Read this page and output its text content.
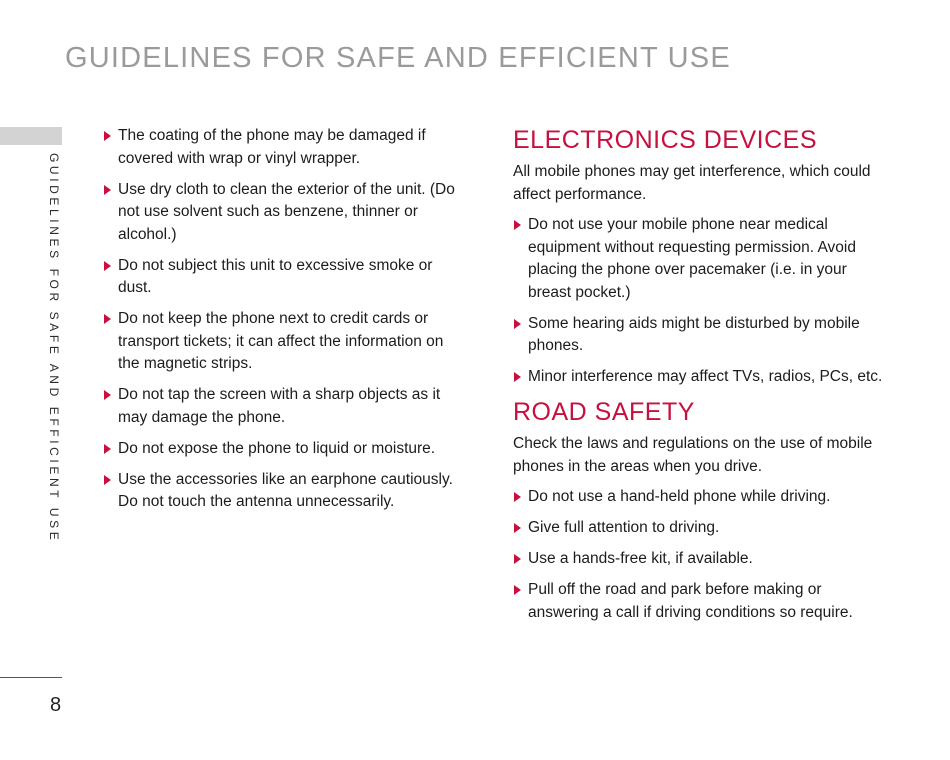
GUIDELINES FOR SAFE AND EFFICIENT USE
GUIDELINES FOR SAFE AND EFFICIENT USE
8
The coating of the phone may be damaged if covered with wrap or vinyl wrapper.
Use dry cloth to clean the exterior of the unit. (Do not use solvent such as benzene, thinner or alcohol.)
Do not subject this unit to excessive smoke or dust.
Do not keep the phone next to credit cards or transport tickets; it can affect the information on the magnetic strips.
Do not tap the screen with a sharp objects as it may damage the phone.
Do not expose the phone to liquid or moisture.
Use the accessories like an earphone cautiously. Do not touch the antenna unnecessarily.
ELECTRONICS DEVICES

All mobile phones may get interference, which could affect performance.

Do not use your mobile phone near medical equipment without requesting permission. Avoid placing the phone over pacemaker (i.e. in your breast pocket.)
Some hearing aids might be disturbed by mobile phones.
Minor interference may affect TVs, radios, PCs, etc.
ROAD SAFETY

Check the laws and regulations on the use of mobile phones in the areas when you drive.

Do not use a hand-held phone while driving.
Give full attention to driving.
Use a hands-free kit, if available.
Pull off the road and park before making or answering a call if driving conditions so require.
